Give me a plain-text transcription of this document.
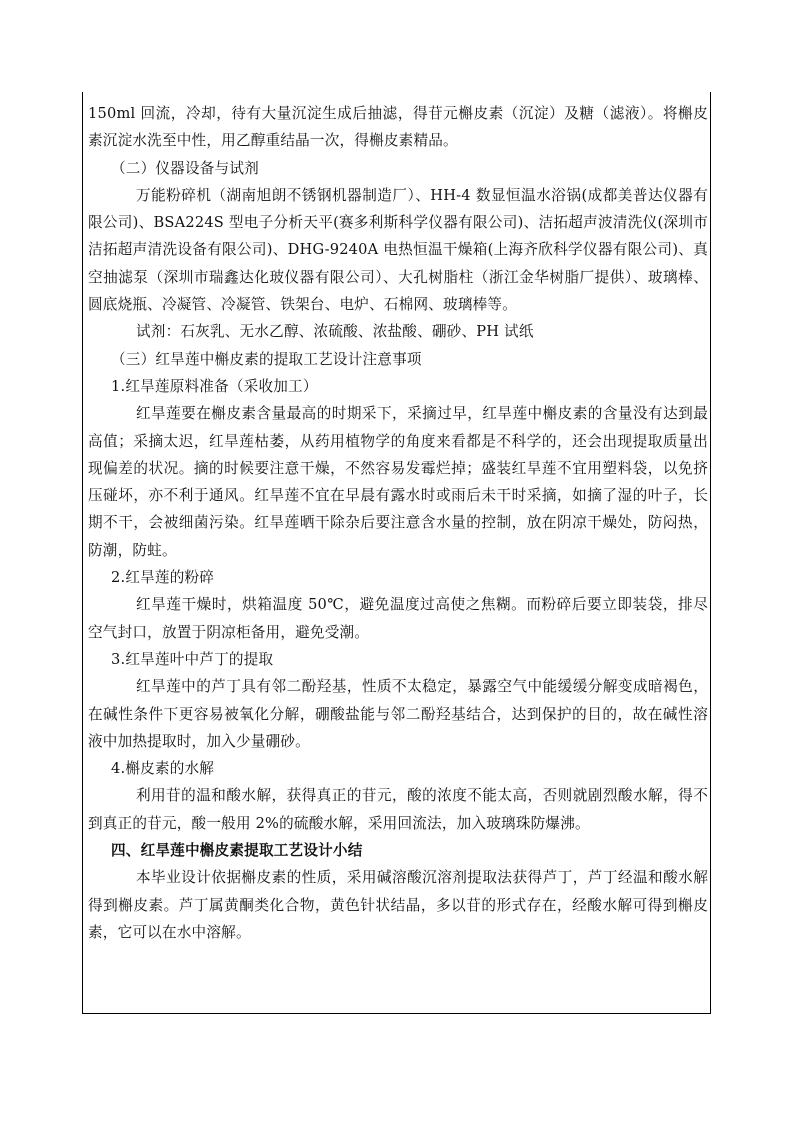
150ml 回流，冷却，待有大量沉淀生成后抽滤，得苷元槲皮素（沉淀）及糖（滤液）。将槲皮素沉淀水洗至中性，用乙醇重结晶一次，得槲皮素精品。

（二）仪器设备与试剂

万能粉碎机（湖南旭朗不锈钢机器制造厂）、HH-4 数显恒温水浴锅(成都美普达仪器有限公司)、BSA224S 型电子分析天平(赛多利斯科学仪器有限公司)、洁拓超声波清洗仪(深圳市洁拓超声清洗设备有限公司)、DHG-9240A 电热恒温干燥箱(上海齐欣科学仪器有限公司)、真空抽滤泵（深圳市瑞鑫达化玻仪器有限公司）、大孔树脂柱（浙江金华树脂厂提供）、玻璃棒、圆底烧瓶、冷凝管、冷凝管、铁架台、电炉、石棉网、玻璃棒等。

试剂：石灰乳、无水乙醇、浓硫酸、浓盐酸、硼砂、PH 试纸

（三）红旱莲中槲皮素的提取工艺设计注意事项

1.红旱莲原料准备（采收加工）

红旱莲要在槲皮素含量最高的时期采下，采摘过早，红旱莲中槲皮素的含量没有达到最高值；采摘太迟，红旱莲枯萎，从药用植物学的角度来看都是不科学的，还会出现提取质量出现偏差的状况。摘的时候要注意干燥，不然容易发霉烂掉；盛装红旱莲不宜用塑料袋，以免挤压碰坏，亦不利于通风。红旱莲不宜在早晨有露水时或雨后未干时采摘，如摘了湿的叶子，长期不干，会被细菌污染。红旱莲晒干除杂后要注意含水量的控制，放在阴凉干燥处，防闷热，防潮，防蛀。

2.红旱莲的粉碎

红旱莲干燥时，烘箱温度 50℃，避免温度过高使之焦糊。而粉碎后要立即装袋，排尽空气封口，放置于阴凉柜备用，避免受潮。

3.红旱莲叶中芦丁的提取

红旱莲中的芦丁具有邻二酚羟基，性质不太稳定，暴露空气中能缓缓分解变成暗褐色，在碱性条件下更容易被氧化分解，硼酸盐能与邻二酚羟基结合，达到保护的目的，故在碱性溶液中加热提取时，加入少量硼砂。

4.槲皮素的水解

利用苷的温和酸水解，获得真正的苷元，酸的浓度不能太高，否则就剧烈酸水解，得不到真正的苷元，酸一般用 2%的硫酸水解，采用回流法，加入玻璃珠防爆沸。

四、红旱莲中槲皮素提取工艺设计小结

本毕业设计依据槲皮素的性质，采用碱溶酸沉溶剂提取法获得芦丁，芦丁经温和酸水解得到槲皮素。芦丁属黄酮类化合物，黄色针状结晶，多以苷的形式存在，经酸水解可得到槲皮素，它可以在水中溶解。
